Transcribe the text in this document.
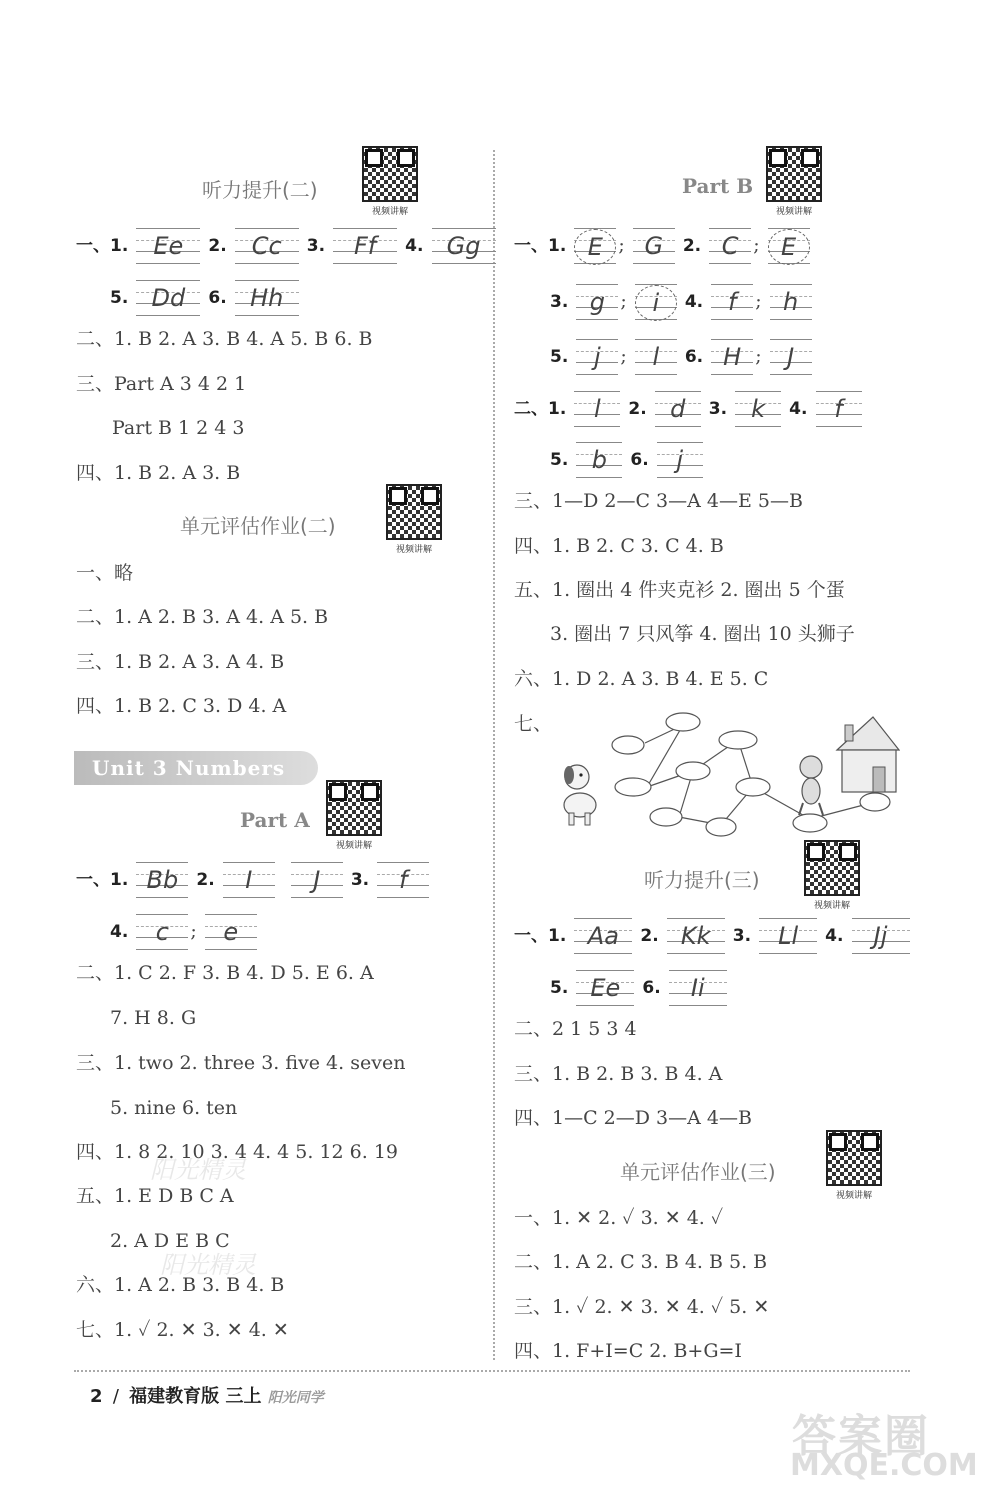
听力提升(二)
视频讲解
一、1.	Ee	2.	Cc	3.	Ff	4. Gg
5. Dd	6. Hh
二、1. B 2. A 3. B 4. A 5. B 6. B
三、Part A 3 4 2 1
Part B 1 2 4 3
四、1. B 2. A 3. B
单元评估作业(二)
视频讲解
一、略
二、1. A 2. B 3. A 4. A 5. B
三、1. B 2. A 3. A 4. B
四、1. B 2. C 3. D 4. A
Unit 3 Numbers
Part A
视频讲解
一、1. Bb	2.	I
	J	3.	f
4.	c	; e
二、1. C 2. F 3. B 4. D 5. E 6. A
7. H 8. G
三、1. two 2. three 3. five 4. seven
5. nine 6. ten
四、1. 8 2. 10 3. 4 4. 4 5. 12 6. 19
五、1. E D B C A
2. A D E B C
六、1. A 2. B 3. B 4. B
七、1. ✓ 2. ✕ 3. ✕ 4. ✕
阳光精灵
阳光精灵
Part B
视频讲解
一、1. E ; G	2. C ; E
3. g ; i	4.	f ; h
5.	j	; l	6. H ; J
二、1.	l	2. d	3.	k	4.	f
5. b	6.	j
三、1—D 2—C 3—A 4—E 5—B
四、1. B 2. C 3. C 4. B
五、1. 圈出 4 件夹克衫 2. 圈出 5 个蛋
3. 圈出 7 只风筝 4. 圈出 10 头狮子
六、1. D 2. A 3. B 4. E 5. C
七、
听力提升(三)
视频讲解
一、1. Aa	2. Kk	3.	Ll	4.	Jj
5. Ee	6.	Ii
二、2 1 5 3 4
三、1. B 2. B 3. B 4. A
四、1—C 2—D 3—A 4—B
单元评估作业(三)
视频讲解
一、1. ✕ 2. ✓ 3. ✕ 4. ✓
二、1. A 2. C 3. B 4. B 5. B
三、1. ✓ 2. ✕ 3. ✕ 4. ✓ 5. ✕
四、1. F+I=C 2. B+G=I
2 / 福建教育版 三上 阳光同学
答案圈
MXQE.COM
